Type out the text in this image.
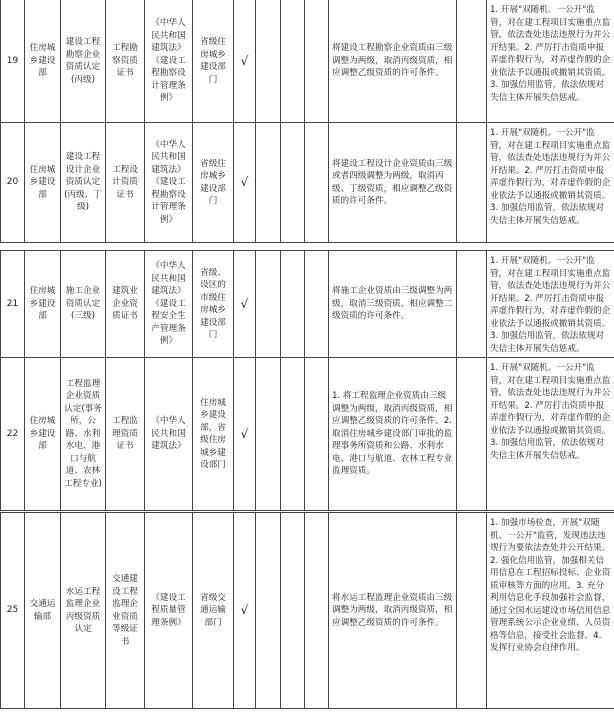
19	住房城乡建设部	建设工程勘察企业资质认定(丙级)	工程勘察资质证书	《中华人民共和国建筑法》《建设工程勘察设计管理条例》	省级住房城乡建设部门	√				将建设工程勘察企业资质由三级调整为两级，取消丙级资质，相应调整乙级资质的许可条件。		1. 开展"双随机、一公开"监管，对在建工程项目实施重点监管，依法查处违法违规行为并公开结果。2. 严厉打击资质申报弄虚作假行为，对弄虚作假的企业依法予以通报或撤销其资质。3. 加强信用监管，依法依规对失信主体开展失信惩戒。
20	住房城乡建设部	建设工程设计企业资质认定(丙级、丁级)	工程设计资质证书	《中华人民共和国建筑法》《建设工程勘察设计管理条例》	省级住房城乡建设部门	√				将建设工程设计企业资质由三级或者四级调整为两级，取消丙级、丁级资质，相应调整乙级资质的许可条件。		1. 开展"双随机、一公开"监管，对在建工程项目实施重点监管，依法查处违法违规行为并公开结果。2. 严厉打击资质申报弄虚作假行为，对弄虚作假的企业依法予以通报或撤销其资质。3. 加强信用监管，依法依规对失信主体开展失信惩戒。
21	住房城乡建设部	施工企业资质认定(三级)	建筑业企业资质证书	《中华人民共和国建筑法》《建设工程安全生产管理条例》	省级、设区的市级住房城乡建设部门	√				将施工企业资质由三级调整为两级，取消三级资质，相应调整二级资质的许可条件。		1. 开展"双随机、一公开"监管，对在建工程项目实施重点监管，依法查处违法违规行为并公开结果。2. 严厉打击资质申报弄虚作假行为，对弄虚作假的企业依法予以通报或撤销其资质。3. 加强信用监管，依法依规对失信主体开展失信惩戒。
22	住房城乡建设部	工程监理企业资质认定(事务所，公路、水利水电、港口与航道、农林工程专业)	工程监理资质证书	《中华人民共和国建筑法》	住房城乡建设部，省级住房城乡建设部门	√				1. 将工程监理企业资质由三级调整为两级，取消丙级资质，相应调整乙级资质的许可条件。2. 取消住房城乡建设部门审批的监理事务所资质和公路、水利水电、港口与航道、农林工程专业监理资质。		1. 开展"双随机、一公开"监管，对在建工程项目实施重点监管，依法查处违法违规行为并公开结果。2. 严厉打击资质申报弄虚作假行为，对弄虚作假的企业依法予以通报或撤销其资质。3. 加强信用监管，依法依规对失信主体开展失信惩戒。
25	交通运输部	水运工程监理企业丙级资质认定	交通建设工程监理企业资质等级证书	《建设工程质量管理条例》	省级交通运输部门	√				将水运工程监理企业资质由三级调整为两级，取消丙级资质，相应调整乙级资质的许可条件。		1. 加强市场检查，开展"双随机、一公开"监管，发现违法违规行为要依法查处并公开结果。2. 强化信用监管，加强相关信用信息在工程招标投标、企业资质审核等方面的应用。3. 充分利用信息化手段加强社会监督，通过全国水运建设市场信用信息管理系统公示企业业绩、人员资格等信息，接受社会监督。4. 发挥行业协会自律作用。
